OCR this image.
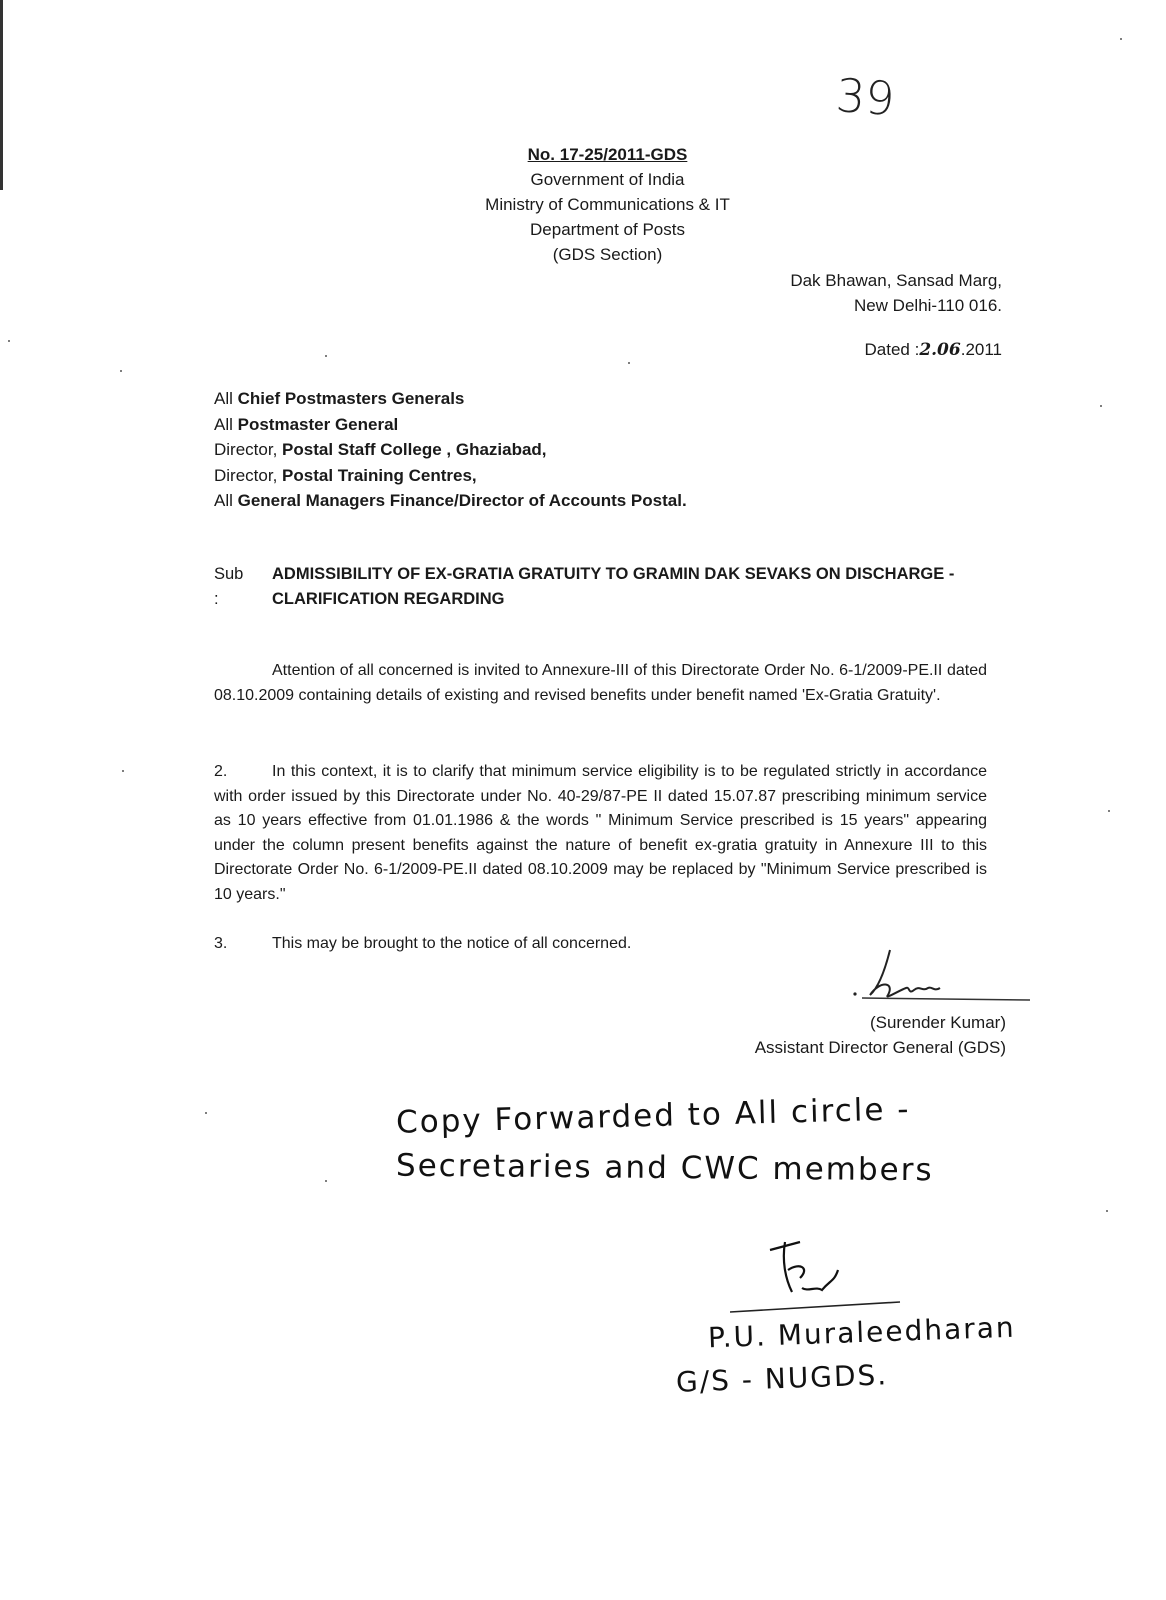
39
No. 17-25/2011-GDS
Government of India
Ministry of Communications & IT
Department of Posts
(GDS Section)
Dak Bhawan, Sansad Marg,
New Delhi-110 016.
Dated :2.06.2011
All Chief Postmasters Generals
All Postmaster General
Director, Postal Staff College , Ghaziabad,
Director, Postal Training Centres,
All General Managers Finance/Director of Accounts Postal.
Sub :
ADMISSIBILITY OF EX-GRATIA GRATUITY TO GRAMIN DAK SEVAKS ON DISCHARGE - CLARIFICATION REGARDING
Attention of all concerned is invited to Annexure-III of this Directorate Order No. 6-1/2009-PE.II dated 08.10.2009 containing details of existing and revised benefits under benefit named 'Ex-Gratia Gratuity'.
2.	In this context, it is to clarify that minimum service eligibility is to be regulated strictly in accordance with order issued by this Directorate under No. 40-29/87-PE II dated 15.07.87 prescribing minimum service as 10 years effective from 01.01.1986 & the words " Minimum Service prescribed is 15 years" appearing under the column present benefits against the nature of benefit ex-gratia gratuity in Annexure III to this Directorate Order No. 6-1/2009-PE.II dated 08.10.2009 may be replaced by "Minimum Service prescribed is 10 years."
3.	This may be brought to the notice of all concerned.
(Surender Kumar)
Assistant Director General (GDS)
Copy Forwarded to All circle -
Secretaries and CWC members
P.U. Muraleedharan
G/S - NUGDS.
